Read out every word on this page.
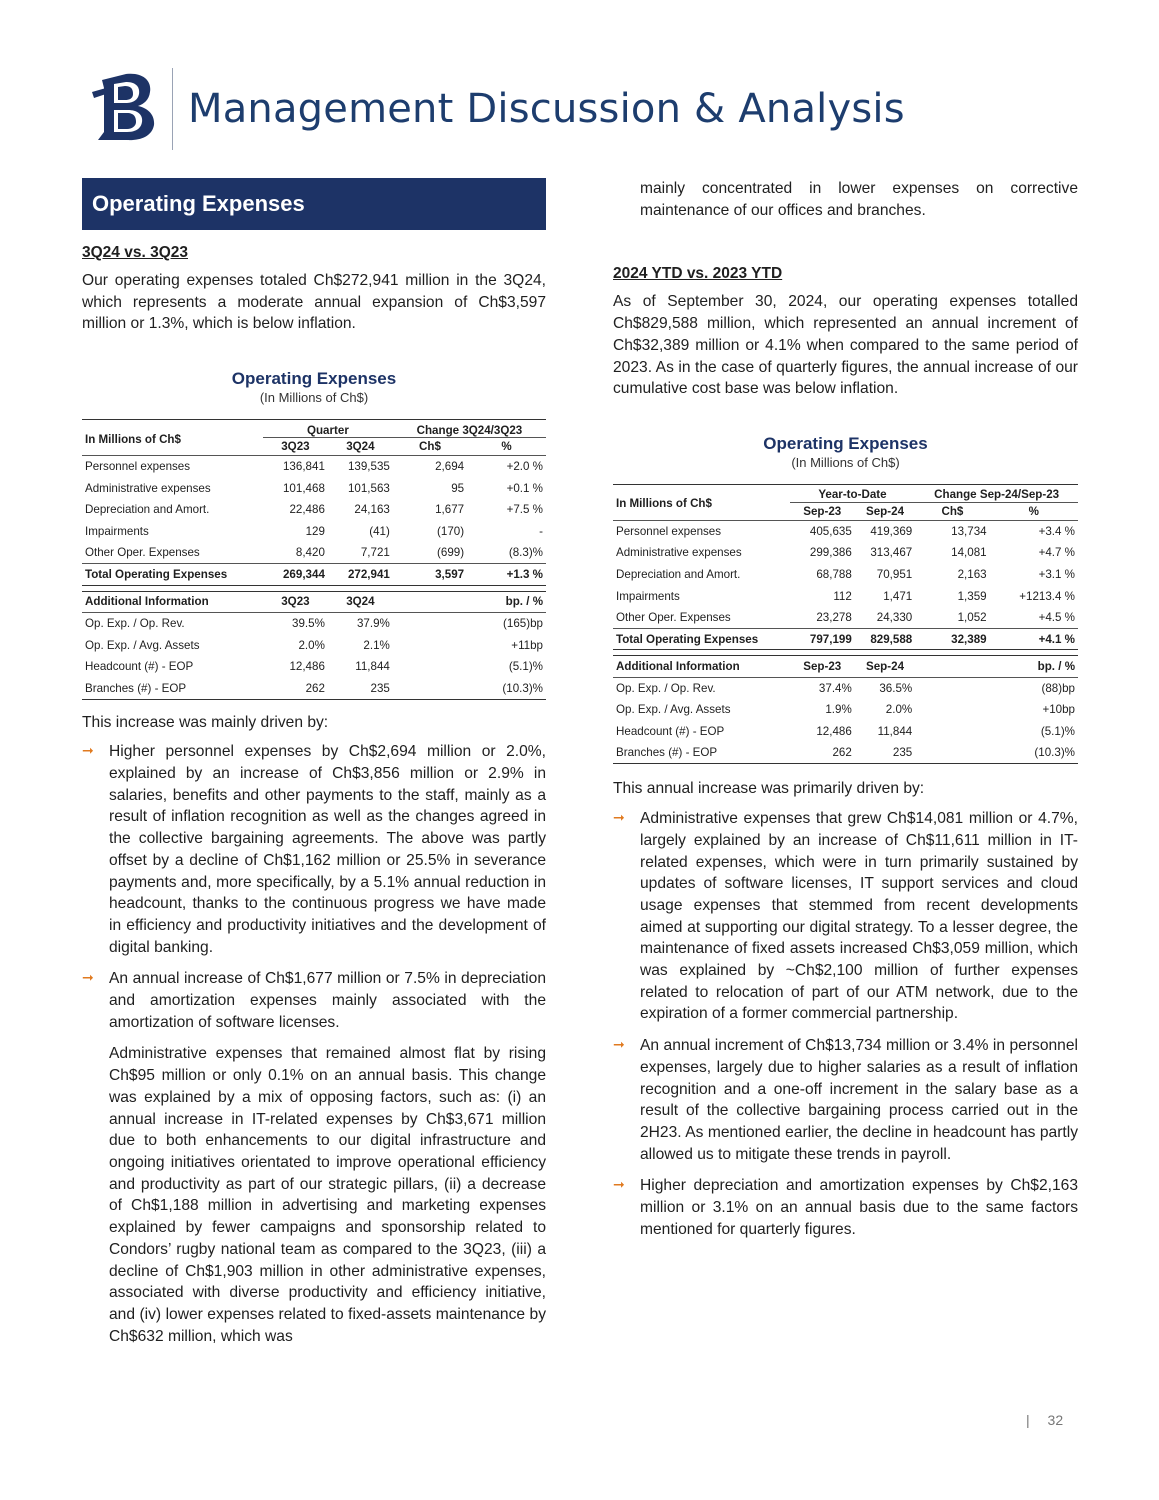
Management Discussion & Analysis
Operating Expenses
3Q24 vs. 3Q23
Our operating expenses totaled Ch$272,941 million in the 3Q24, which represents a moderate annual expansion of Ch$3,597 million or 1.3%, which is below inflation.
Operating Expenses
(In Millions of Ch$)
In Millions of Ch$	Quarter		Change 3Q24/3Q23	
	3Q23	3Q24	Ch$	%
Personnel expenses	136,841	139,535	2,694	+2.0 %
Administrative expenses	101,468	101,563	95	+0.1 %
Depreciation and Amort.	22,486	24,163	1,677	+7.5 %
Impairments	129	(41)	(170)	-
Other Oper. Expenses	8,420	7,721	(699)	(8.3)%
Total Operating Expenses	269,344	272,941	3,597	+1.3 %

Additional Information	3Q23	3Q24		bp. / %
Op. Exp. / Op. Rev.	39.5%	37.9%		(165)bp
Op. Exp. / Avg. Assets	2.0%	2.1%		+11bp
Headcount (#) - EOP	12,486	11,844		(5.1)%
Branches (#) - EOP	262	235		(10.3)%
This increase was mainly driven by:
➞ Higher personnel expenses by Ch$2,694 million or 2.0%, explained by an increase of Ch$3,856 million or 2.9% in salaries, benefits and other payments to the staff, mainly as a result of inflation recognition as well as the changes agreed in the collective bargaining agreements. The above was partly offset by a decline of Ch$1,162 million or 25.5% in severance payments and, more specifically, by a 5.1% annual reduction in headcount, thanks to the continuous progress we have made in efficiency and productivity initiatives and the development of digital banking.
➞ An annual increase of Ch$1,677 million or 7.5% in depreciation and amortization expenses mainly associated with the amortization of software licenses.
Administrative expenses that remained almost flat by rising Ch$95 million or only 0.1% on an annual basis. This change was explained by a mix of opposing factors, such as: (i) an annual increase in IT-related expenses by Ch$3,671 million due to both enhancements to our digital infrastructure and ongoing initiatives orientated to improve operational efficiency and productivity as part of our strategic pillars, (ii) a decrease of Ch$1,188 million in advertising and marketing expenses explained by fewer campaigns and sponsorship related to Condors’ rugby national team as compared to the 3Q23, (iii) a decline of Ch$1,903 million in other administrative expenses, associated with diverse productivity and efficiency initiative, and (iv) lower expenses related to fixed-assets maintenance by Ch$632 million, which was
mainly concentrated in lower expenses on corrective maintenance of our offices and branches.
2024 YTD vs. 2023 YTD
As of September 30, 2024, our operating expenses totalled Ch$829,588 million, which represented an annual increment of Ch$32,389 million or 4.1% when compared to the same period of 2023. As in the case of quarterly figures, the annual increase of our cumulative cost base was below inflation.
Operating Expenses
(In Millions of Ch$)
In Millions of Ch$	Year-to-Date		Change Sep-24/Sep-23	
	Sep-23	Sep-24	Ch$	%
Personnel expenses	405,635	419,369	13,734	+3.4 %
Administrative expenses	299,386	313,467	14,081	+4.7 %
Depreciation and Amort.	68,788	70,951	2,163	+3.1 %
Impairments	112	1,471	1,359	+1213.4 %
Other Oper. Expenses	23,278	24,330	1,052	+4.5 %
Total Operating Expenses	797,199	829,588	32,389	+4.1 %

Additional Information	Sep-23	Sep-24		bp. / %
Op. Exp. / Op. Rev.	37.4%	36.5%		(88)bp
Op. Exp. / Avg. Assets	1.9%	2.0%		+10bp
Headcount (#) - EOP	12,486	11,844		(5.1)%
Branches (#) - EOP	262	235		(10.3)%
This annual increase was primarily driven by:
➞ Administrative expenses that grew Ch$14,081 million or 4.7%, largely explained by an increase of Ch$11,611 million in IT-related expenses, which were in turn primarily sustained by updates of software licenses, IT support services and cloud usage expenses that stemmed from recent developments aimed at supporting our digital strategy. To a lesser degree, the maintenance of fixed assets increased Ch$3,059 million, which was explained by ~Ch$2,100 million of further expenses related to relocation of part of our ATM network, due to the expiration of a former commercial partnership.
➞ An annual increment of Ch$13,734 million or 3.4% in personnel expenses, largely due to higher salaries as a result of inflation recognition and a one-off increment in the salary base as a result of the collective bargaining process carried out in the 2H23. As mentioned earlier, the decline in headcount has partly allowed us to mitigate these trends in payroll.
➞ Higher depreciation and amortization expenses by Ch$2,163 million or 3.1% on an annual basis due to the same factors mentioned for quarterly figures.
| 32
